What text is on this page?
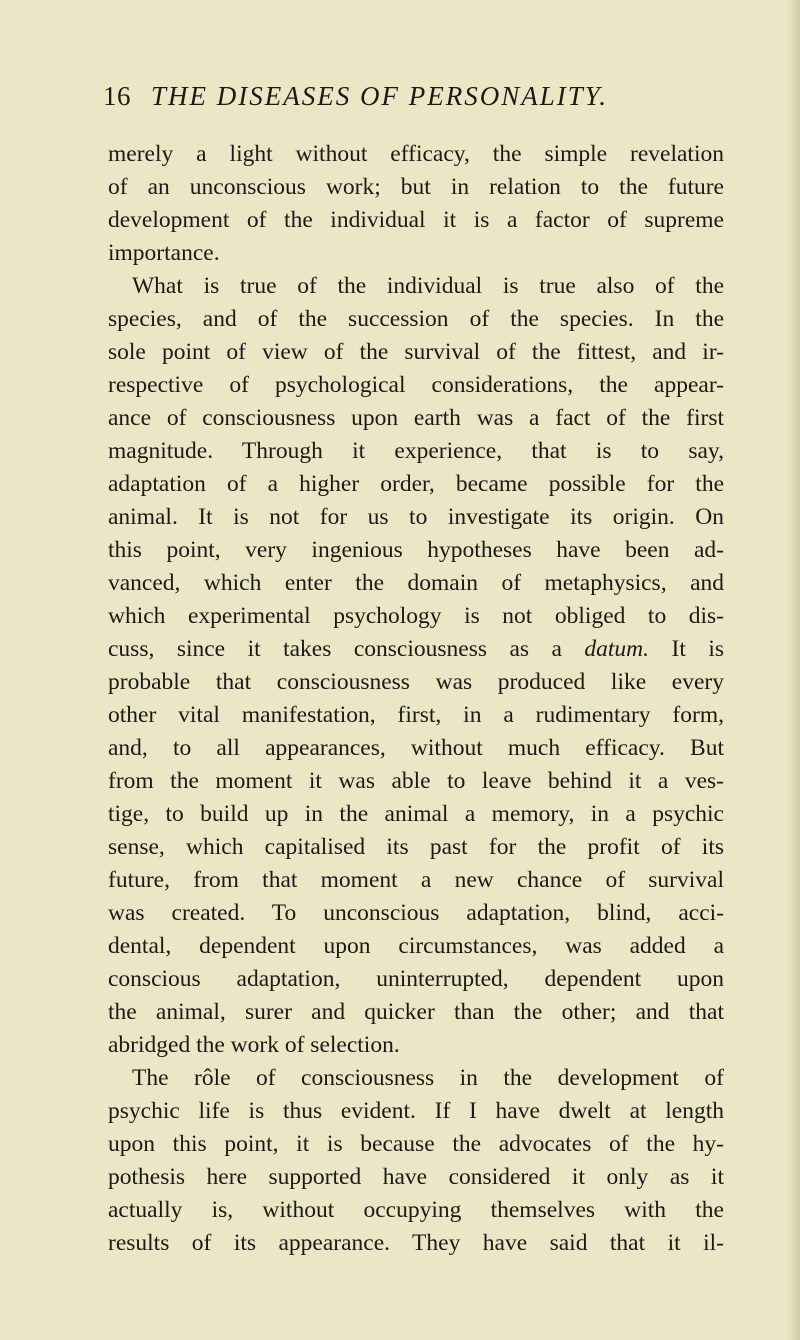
16 THE DISEASES OF PERSONALITY.
merely a light without efficacy, the simple revelation
of an unconscious work; but in relation to the future
development of the individual it is a factor of supreme
importance.
What is true of the individual is true also of the
species, and of the succession of the species. In the
sole point of view of the survival of the fittest, and ir-
respective of psychological considerations, the appear-
ance of consciousness upon earth was a fact of the first
magnitude. Through it experience, that is to say,
adaptation of a higher order, became possible for the
animal. It is not for us to investigate its origin. On
this point, very ingenious hypotheses have been ad-
vanced, which enter the domain of metaphysics, and
which experimental psychology is not obliged to dis-
cuss, since it takes consciousness as a datum. It is
probable that consciousness was produced like every
other vital manifestation, first, in a rudimentary form,
and, to all appearances, without much efficacy. But
from the moment it was able to leave behind it a ves-
tige, to build up in the animal a memory, in a psychic
sense, which capitalised its past for the profit of its
future, from that moment a new chance of survival
was created. To unconscious adaptation, blind, acci-
dental, dependent upon circumstances, was added a
conscious adaptation, uninterrupted, dependent upon
the animal, surer and quicker than the other; and that
abridged the work of selection.
The rôle of consciousness in the development of
psychic life is thus evident. If I have dwelt at length
upon this point, it is because the advocates of the hy-
pothesis here supported have considered it only as it
actually is, without occupying themselves with the
results of its appearance. They have said that it il-
